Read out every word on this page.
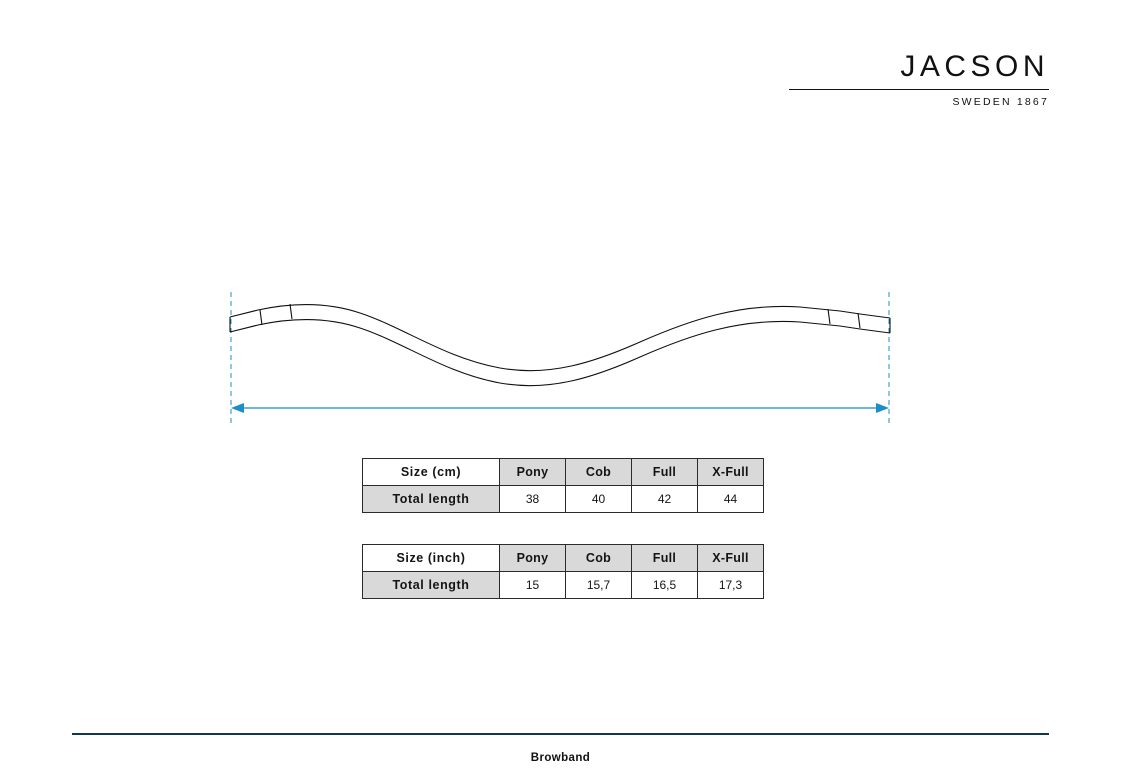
JACSON
SWEDEN 1867
Size (cm)	Pony	Cob	Full	X-Full
Total length	38	40	42	44
Size (inch)	Pony	Cob	Full	X-Full
Total length	15	15,7	16,5	17,3
Browband
